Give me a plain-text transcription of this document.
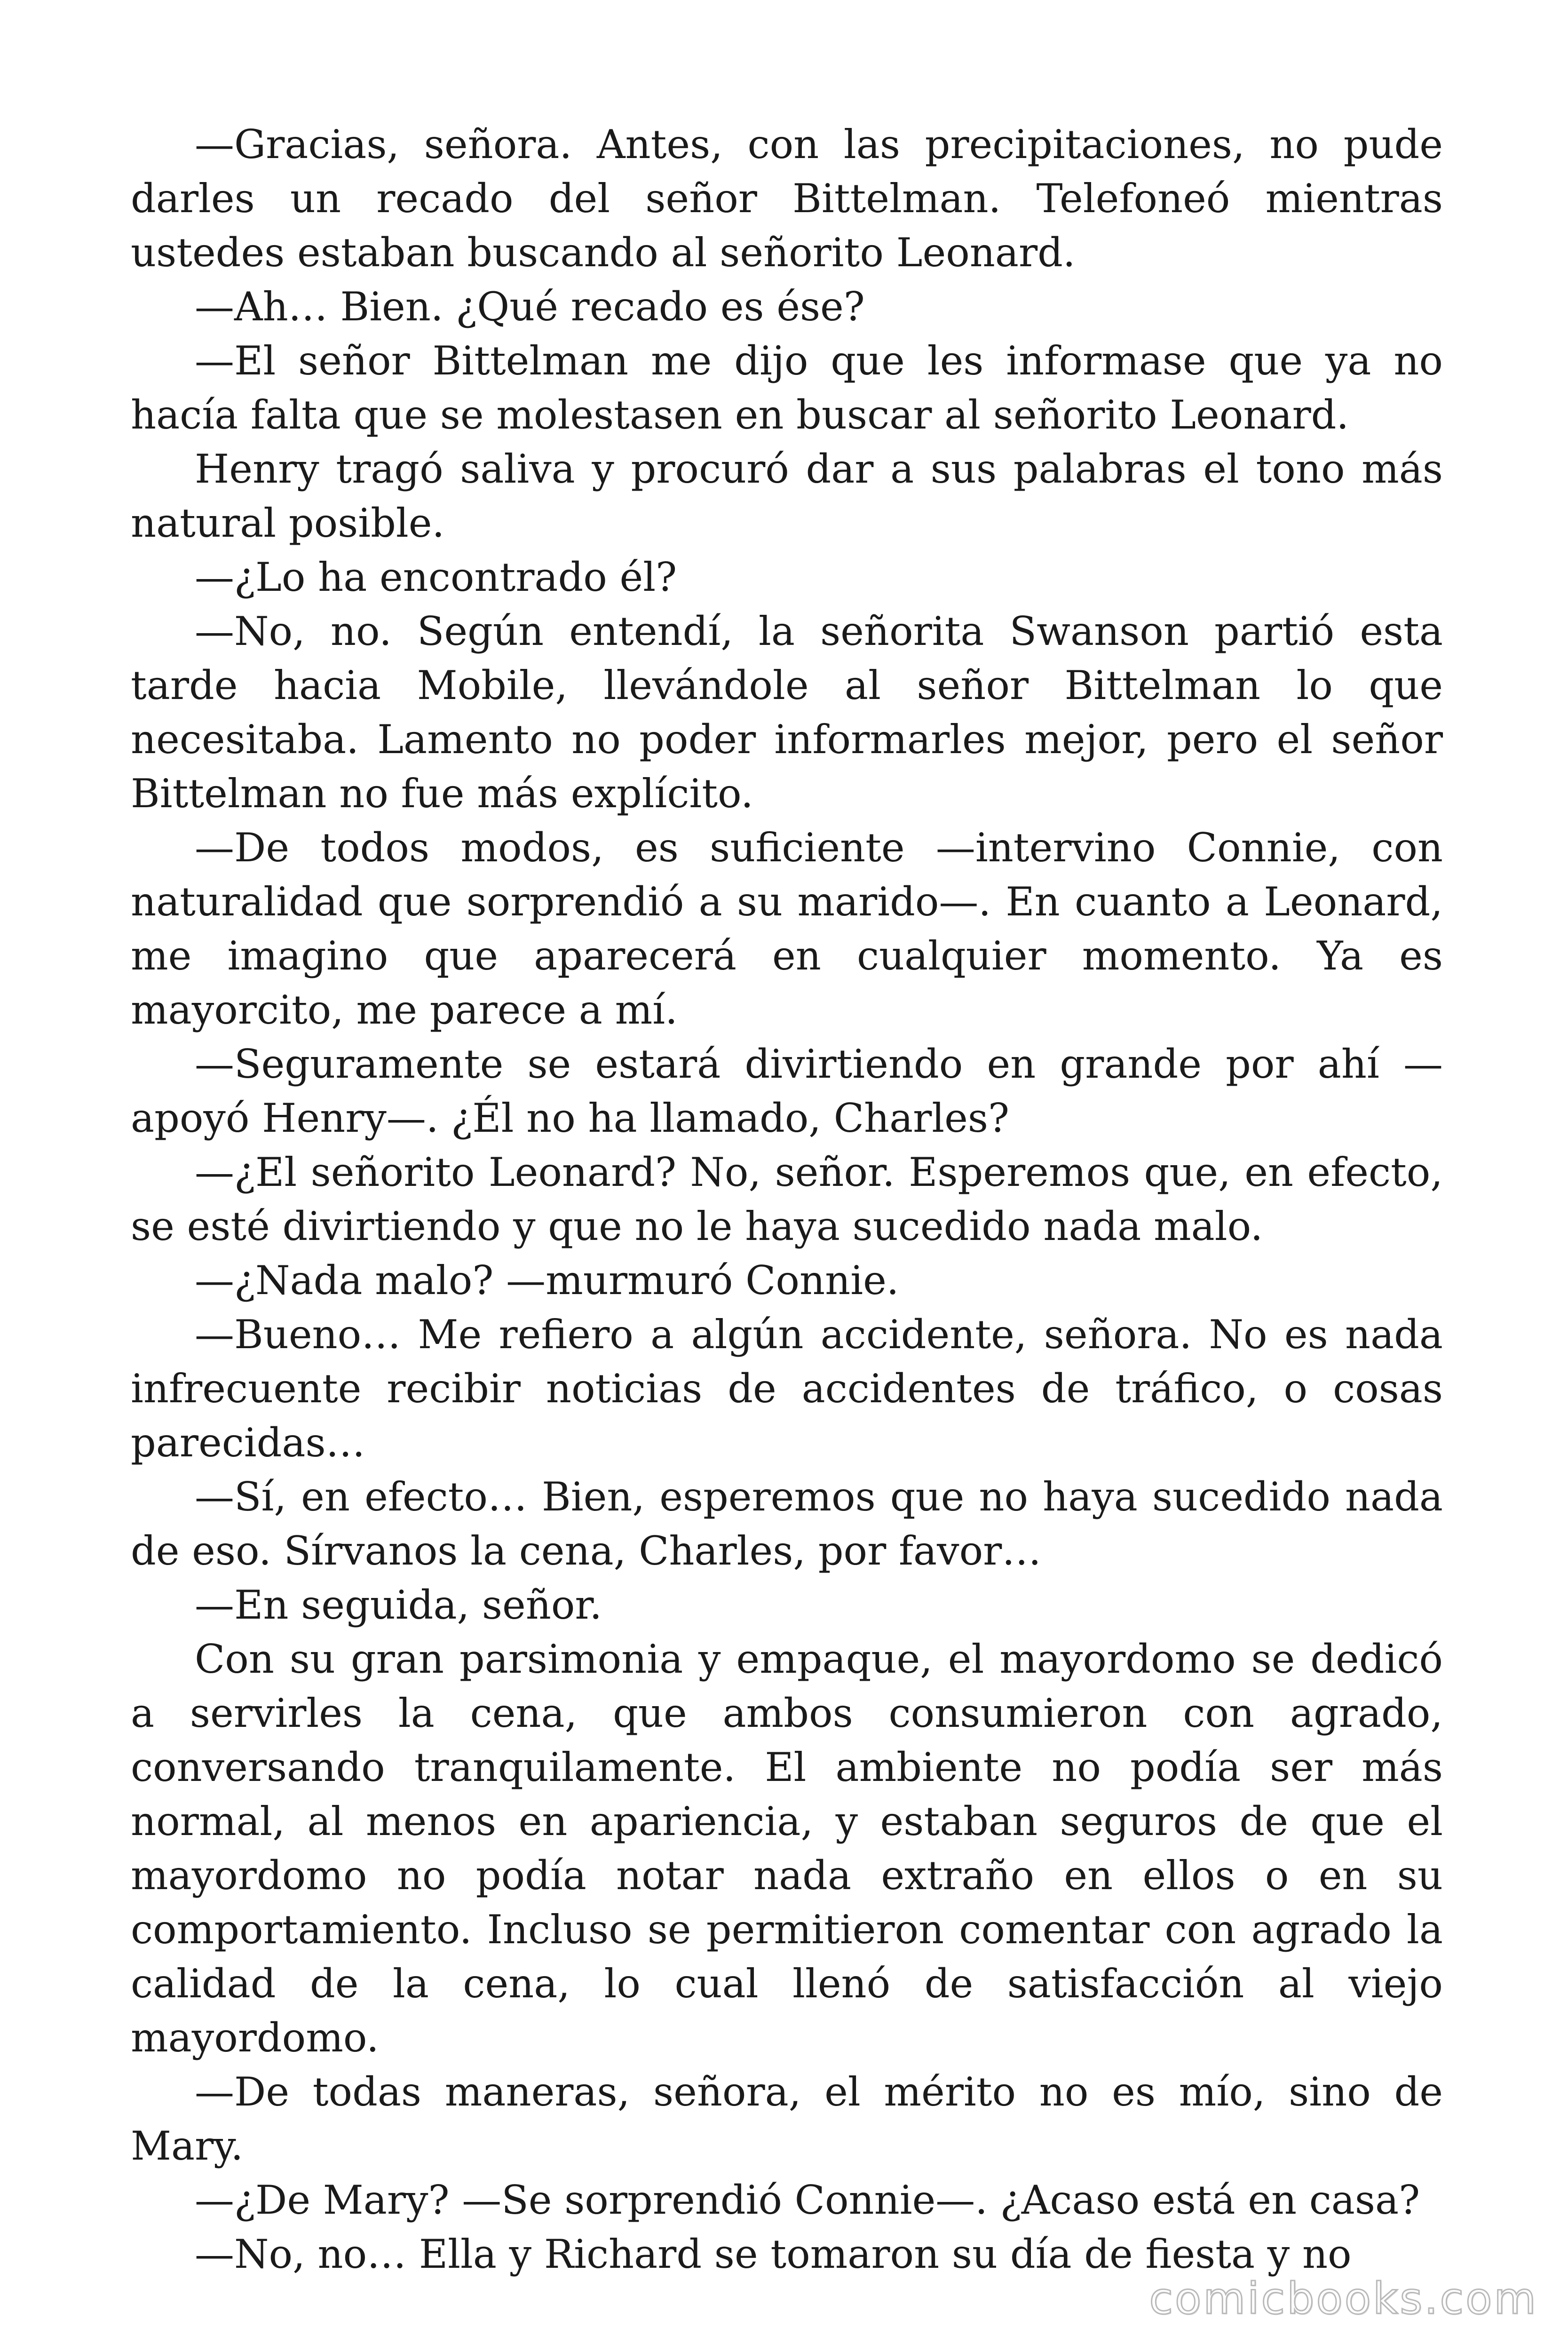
—Gracias, señora. Antes, con las precipitaciones, no pude darles un recado del señor Bittelman. Telefoneó mientras ustedes estaban buscando al señorito Leonard.

—Ah… Bien. ¿Qué recado es ése?

—El señor Bittelman me dijo que les informase que ya no hacía falta que se molestasen en buscar al señorito Leonard.

Henry tragó saliva y procuró dar a sus palabras el tono más natural posible.

—¿Lo ha encontrado él?

—No, no. Según entendí, la señorita Swanson partió esta tarde hacia Mobile, llevándole al señor Bittelman lo que necesitaba. Lamento no poder informarles mejor, pero el señor Bittelman no fue más explícito.

—De todos modos, es suficiente —intervino Connie, con naturalidad que sorprendió a su marido—. En cuanto a Leonard, me imagino que aparecerá en cualquier momento. Ya es mayorcito, me parece a mí.

—Seguramente se estará divirtiendo en grande por ahí —apoyó Henry—. ¿Él no ha llamado, Charles?

—¿El señorito Leonard? No, señor. Esperemos que, en efecto, se esté divirtiendo y que no le haya sucedido nada malo.

—¿Nada malo? —murmuró Connie.

—Bueno… Me refiero a algún accidente, señora. No es nada infrecuente recibir noticias de accidentes de tráfico, o cosas parecidas…

—Sí, en efecto… Bien, esperemos que no haya sucedido nada de eso. Sírvanos la cena, Charles, por favor…

—En seguida, señor.

Con su gran parsimonia y empaque, el mayordomo se dedicó a servirles la cena, que ambos consumieron con agrado, conversando tranquilamente. El ambiente no podía ser más normal, al menos en apariencia, y estaban seguros de que el mayordomo no podía notar nada extraño en ellos o en su comportamiento. Incluso se permitieron comentar con agrado la calidad de la cena, lo cual llenó de satisfacción al viejo mayordomo.

—De todas maneras, señora, el mérito no es mío, sino de Mary.

—¿De Mary? —Se sorprendió Connie—. ¿Acaso está en casa?

—No, no… Ella y Richard se tomaron su día de fiesta y no

comicbooks.com
